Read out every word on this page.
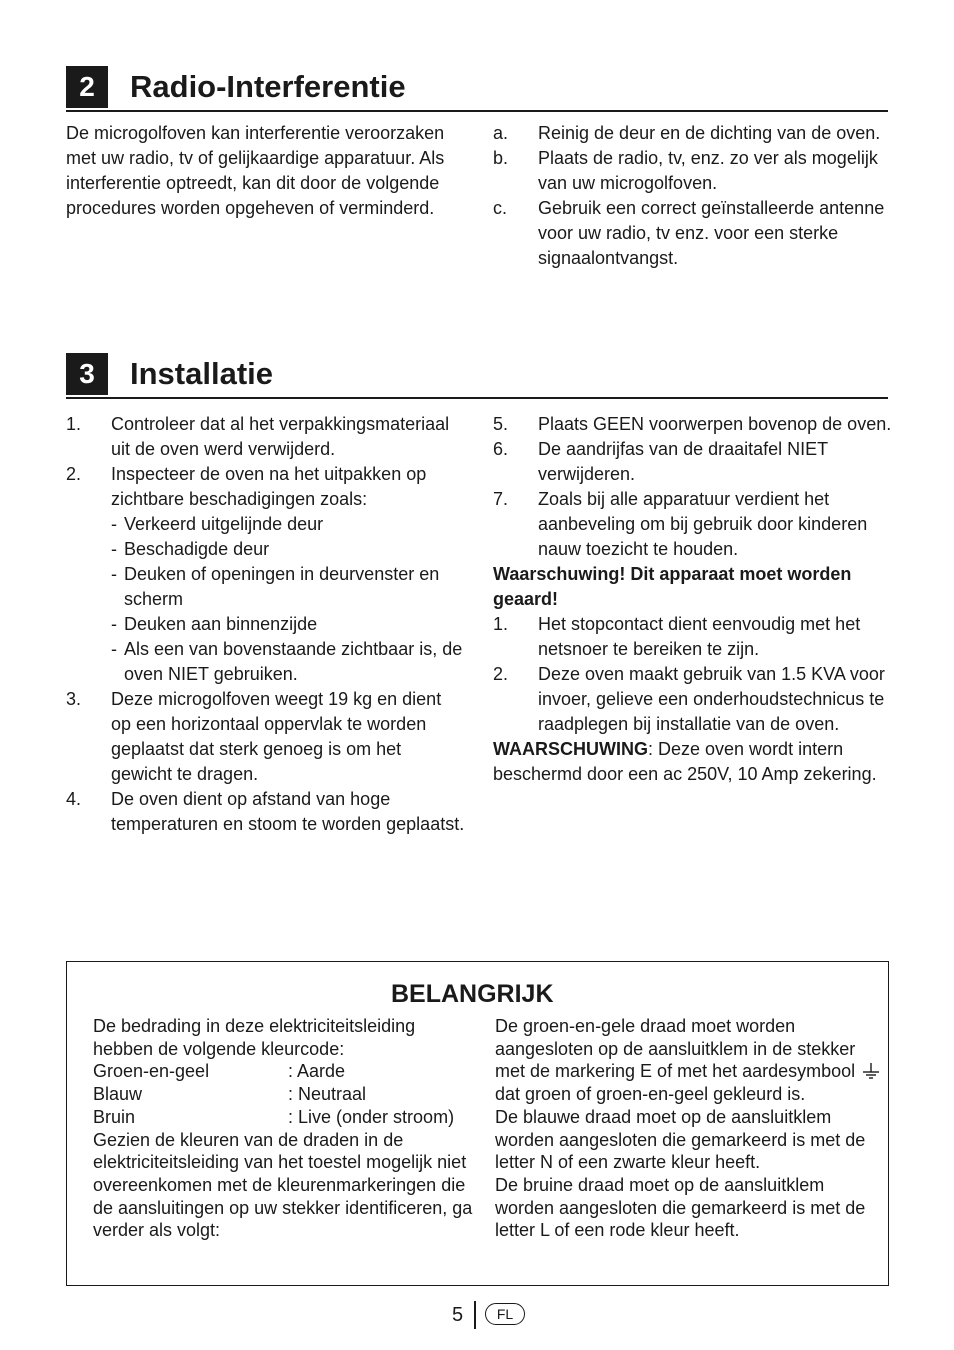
2	Radio-Interferentie

De microgolfoven kan interferentie veroorzaken met uw radio, tv of gelijkaardige apparatuur. Als interferentie optreedt, kan dit door de volgende procedures worden opgeheven of verminderd.

a. Reinig de deur en de dichting van de oven.
b. Plaats de radio, tv, enz. zo ver als mogelijk van uw microgolfoven.
c. Gebruik een correct geïnstalleerde antenne voor uw radio, tv enz. voor een sterke signaalontvangst.
3	Installatie
1. Controleer dat al het verpakkingsmateriaal uit de oven werd verwijderd.
2. Inspecteer de oven na het uitpakken op zichtbare beschadigingen zoals:
- Verkeerd uitgelijnde deur
- Beschadigde deur
- Deuken of openingen in deurvenster en scherm
- Deuken aan binnenzijde
- Als een van bovenstaande zichtbaar is, de oven NIET gebruiken.
3. Deze microgolfoven weegt 19 kg en dient op een horizontaal oppervlak te worden geplaatst dat sterk genoeg is om het gewicht te dragen.
4. De oven dient op afstand van hoge temperaturen en stoom te worden geplaatst.
5. Plaats GEEN voorwerpen bovenop de oven.
6. De aandrijfas van de draaitafel NIET verwijderen.
7. Zoals bij alle apparatuur verdient het aanbeveling om bij gebruik door kinderen nauw toezicht te houden.

Waarschuwing! Dit apparaat moet worden geaard!

1. Het stopcontact dient eenvoudig met het netsnoer te bereiken te zijn.
2. Deze oven maakt gebruik van 1.5 KVA voor invoer, gelieve een onderhoudstechnicus te raadplegen bij installatie van de oven.

WAARSCHUWING: Deze oven wordt intern beschermd door een ac 250V, 10 Amp zekering.

BELANGRIJK

De bedrading in deze elektriciteitsleiding hebben de volgende kleurcode:

Groen-en-geel	: Aarde
Blauw	: Neutraal
Bruin	: Live (onder stroom)

Gezien de kleuren van de draden in de elektriciteitsleiding van het toestel mogelijk niet overeenkomen met de kleurenmarkeringen die de aansluitingen op uw stekker identificeren, ga verder als volgt:

De groen-en-gele draad moet worden aangesloten op de aansluitklem in de stekker met de markering E of met het aardesymbool  dat groen of groen-en-geel gekleurd is.

De blauwe draad moet op de aansluitklem worden aangesloten die gemarkeerd is met de letter N of een zwarte kleur heeft.

De bruine draad moet op de aansluitklem worden aangesloten die gemarkeerd is met de letter L of een rode kleur heeft.

5	FL
